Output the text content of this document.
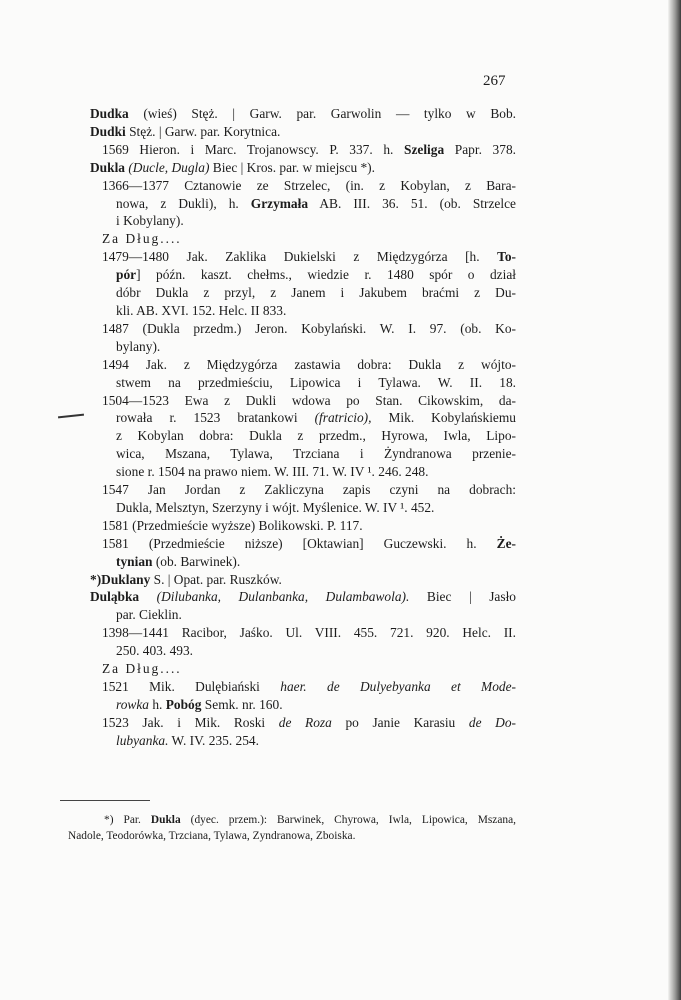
267
Dudka (wieś) Stęż. | Garw. par. Garwolin — tylko w Bob.
Dudki Stęż. | Garw. par. Korytnica.
1569 Hieron. i Marc. Trojanowscy. P. 337. h. Szeliga Papr. 378.
Dukla (Ducle, Dugla) Biec | Kros. par. w miejscu *).
1366—1377 Cztanowie ze Strzelec, (in. z Kobylan, z Bara-
nowa, z Dukli), h. Grzymała AB. III. 36. 51. (ob. Strzelce
i Kobylany).
Za Dług....
1479—1480 Jak. Zaklika Dukielski z Międzygórza [h. To-
pór] późn. kaszt. chełms., wiedzie r. 1480 spór o dział
dóbr Dukla z przyl, z Janem i Jakubem braćmi z Du-
kli. AB. XVI. 152. Helc. II 833.
1487 (Dukla przedm.) Jeron. Kobylański. W. I. 97. (ob. Ko-
bylany).
1494 Jak. z Międzygórza zastawia dobra: Dukla z wójto-
stwem na przedmieściu, Lipowica i Tylawa. W. II. 18.
1504—1523 Ewa z Dukli wdowa po Stan. Cikowskim, da-
rowała r. 1523 bratankowi (fratricio), Mik. Kobylańskiemu
z Kobylan dobra: Dukla z przedm., Hyrowa, Iwla, Lipo-
wica, Mszana, Tylawa, Trzciana i Żyndranowa przenie-
sione r. 1504 na prawo niem. W. III. 71. W. IV ¹. 246. 248.
1547 Jan Jordan z Zakliczyna zapis czyni na dobrach:
Dukla, Melsztyn, Szerzyny i wójt. Myślenice. W. IV ¹. 452.
1581 (Przedmieście wyższe) Bolikowski. P. 117.
1581 (Przedmieście niższe) [Oktawian] Guczewski. h. Że-
tynian (ob. Barwinek).
*)Duklany S. | Opat. par. Ruszków.
Duląbka (Dilubanka, Dulanbanka, Dulambawola). Biec | Jasło
par. Cieklin.
1398—1441 Racibor, Jaśko. Ul. VIII. 455. 721. 920. Helc. II.
250. 403. 493.
Za Dług....
1521 Mik. Dulębiański haer. de Dulyebyanka et Mode-
rowka h. Pobóg Semk. nr. 160.
1523 Jak. i Mik. Roski de Roza po Janie Karasiu de Do-
lubyanka. W. IV. 235. 254.
*) Par. Dukla (dyec. przem.): Barwinek, Chyrowa, Iwla, Lipowica, Mszana,
Nadole, Teodorówka, Trzciana, Tylawa, Zyndranowa, Zboiska.
